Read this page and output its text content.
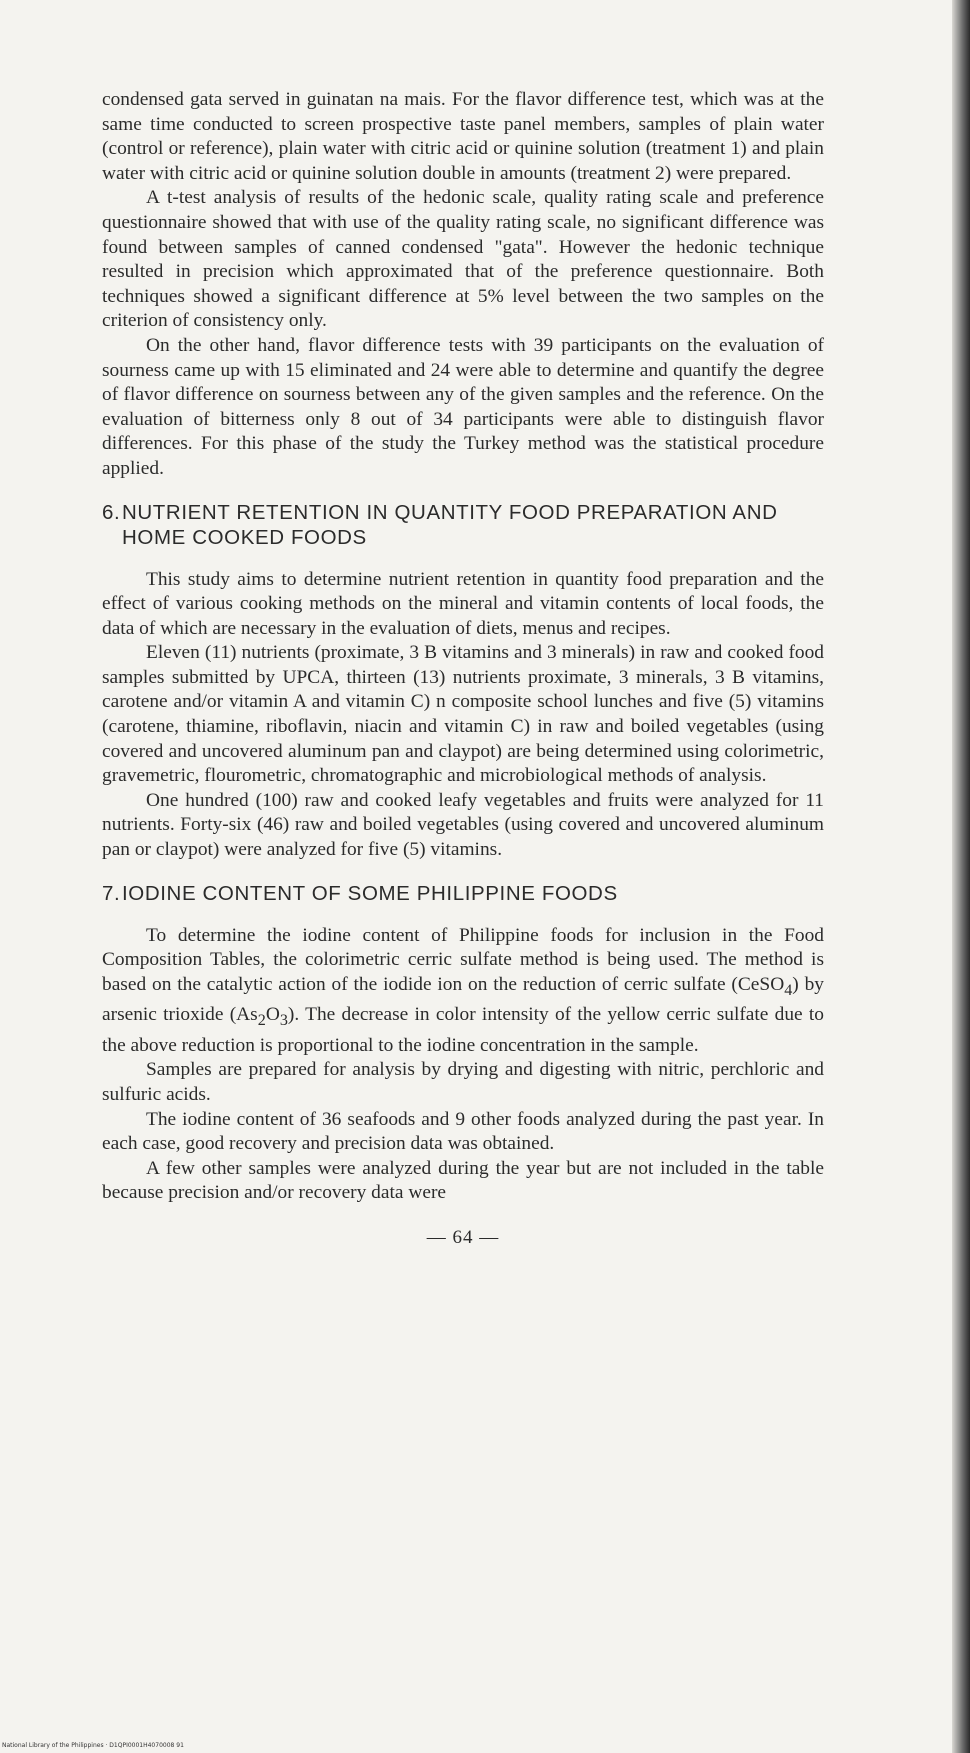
condensed gata served in guinatan na mais. For the flavor difference test, which was at the same time conducted to screen prospective taste panel members, samples of plain water (control or reference), plain water with citric acid or quinine solution (treatment 1) and plain water with citric acid or quinine solution double in amounts (treatment 2) were prepared.

A t-test analysis of results of the hedonic scale, quality rating scale and preference questionnaire showed that with use of the quality rating scale, no significant difference was found between samples of canned condensed "gata". However the hedonic technique resulted in precision which approximated that of the preference questionnaire. Both techniques showed a significant difference at 5% level between the two samples on the criterion of consistency only.

On the other hand, flavor difference tests with 39 participants on the evaluation of sourness came up with 15 eliminated and 24 were able to determine and quantify the degree of flavor difference on sourness between any of the given samples and the reference. On the evaluation of bitterness only 8 out of 34 participants were able to distinguish flavor differences. For this phase of the study the Turkey method was the statistical procedure applied.

6.NUTRIENT RETENTION IN QUANTITY FOOD PREPARATION AND HOME COOKED FOODS

This study aims to determine nutrient retention in quantity food preparation and the effect of various cooking methods on the mineral and vitamin contents of local foods, the data of which are necessary in the evaluation of diets, menus and recipes.

Eleven (11) nutrients (proximate, 3 B vitamins and 3 minerals) in raw and cooked food samples submitted by UPCA, thirteen (13) nutrients proximate, 3 minerals, 3 B vitamins, carotene and/or vitamin A and vitamin C) n composite school lunches and five (5) vitamins (carotene, thiamine, riboflavin, niacin and vitamin C) in raw and boiled vegetables (using covered and uncovered aluminum pan and claypot) are being determined using colorimetric, gravemetric, flourometric, chromatographic and microbiological methods of analysis.

One hundred (100) raw and cooked leafy vegetables and fruits were analyzed for 11 nutrients. Forty-six (46) raw and boiled vegetables (using covered and uncovered aluminum pan or claypot) were analyzed for five (5) vitamins.

7.IODINE CONTENT OF SOME PHILIPPINE FOODS

To determine the iodine content of Philippine foods for inclusion in the Food Composition Tables, the colorimetric cerric sulfate method is being used. The method is based on the catalytic action of the iodide ion on the reduction of cerric sulfate (CeSO$_4$) by arsenic trioxide $(As_2O_3)$. The decrease in color intensity of the yellow cerric sulfate due to the above reduction is proportional to the iodine concentration in the sample.

Samples are prepared for analysis by drying and digesting with nitric, perchloric and sulfuric acids.

The iodine content of 36 seafoods and 9 other foods analyzed during the past year. In each case, good recovery and precision data was obtained.

A few other samples were analyzed during the year but are not included in the table because precision and/or recovery data were

— 64 —
National Library of the Philippines · D1QPI0001H4070008 91
